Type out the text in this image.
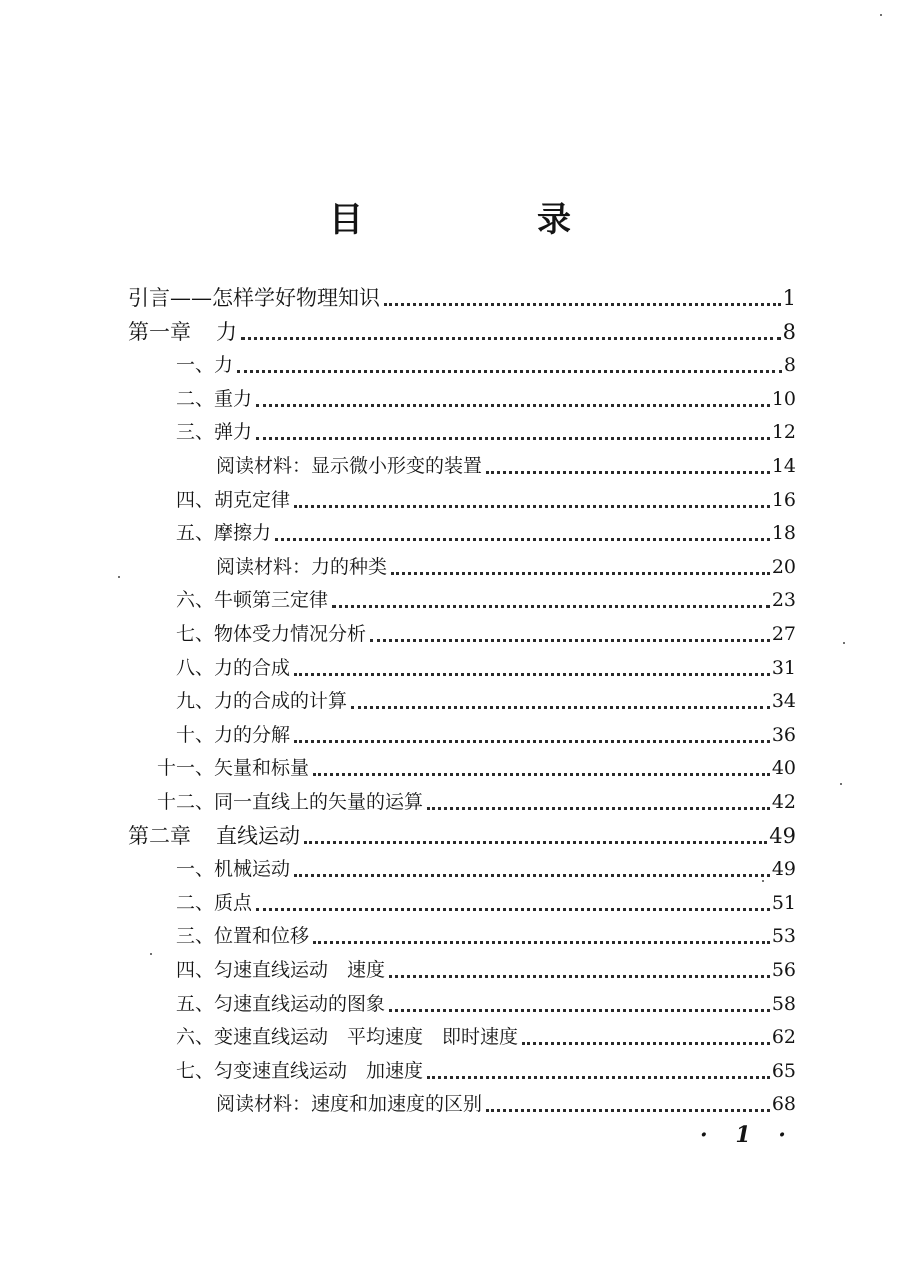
目　录
引言——怎样学好物理知识	1
第一章 力	8
一、 力	8
二、 重力	10
三、 弹力	12
阅读材料：显示微小形变的装置	14
四、 胡克定律	16
五、 摩擦力	18
阅读材料：力的种类	20
六、 牛顿第三定律	23
七、 物体受力情况分析	27
八、 力的合成	31
九、 力的合成的计算	34
十、 力的分解	36
十一、 矢量和标量	40
十二、 同一直线上的矢量的运算	42
第二章 直线运动	49
一、 机械运动	49
二、 质点	51
三、 位置和位移	53
四、 匀速直线运动　速度	56
五、 匀速直线运动的图象	58
六、 变速直线运动　平均速度　即时速度	62
七、 匀变速直线运动　加速度	65
阅读材料：速度和加速度的区别	68
· 1 ·
